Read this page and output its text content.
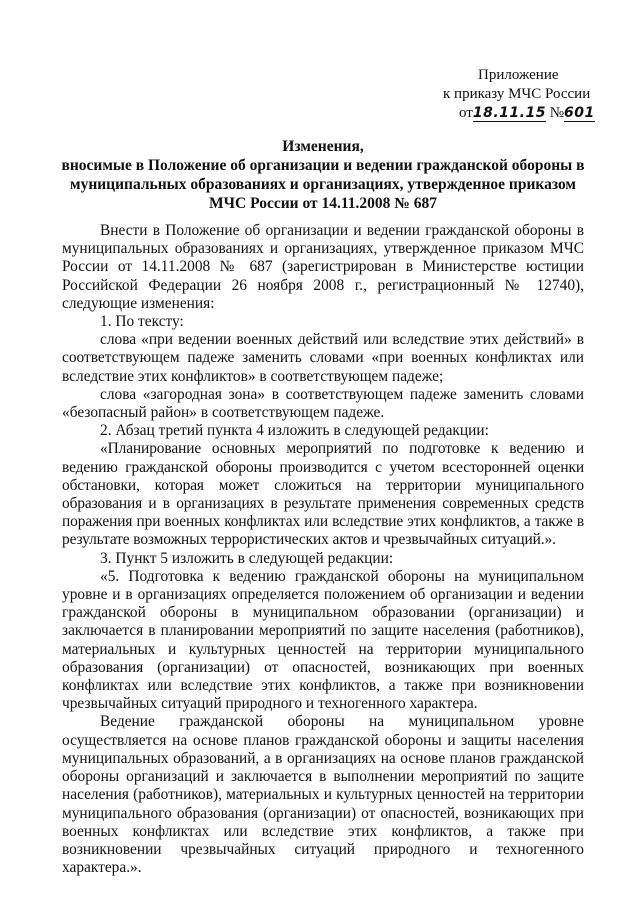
Приложение
к приказу МЧС России
от18.11.15 №601
Изменения,
вносимые в Положение об организации и ведении гражданской обороны в муниципальных образованиях и организациях, утвержденное приказом МЧС России от 14.11.2008 № 687

Внести в Положение об организации и ведении гражданской обороны в муниципальных образованиях и организациях, утвержденное приказом МЧС России от 14.11.2008 № 687 (зарегистрирован в Министерстве юстиции Российской Федерации 26 ноября 2008 г., регистрационный № 12740), следующие изменения:

1. По тексту:

слова «при ведении военных действий или вследствие этих действий» в соответствующем падеже заменить словами «при военных конфликтах или вследствие этих конфликтов» в соответствующем падеже;

слова «загородная зона» в соответствующем падеже заменить словами «безопасный район» в соответствующем падеже.

2. Абзац третий пункта 4 изложить в следующей редакции:

«Планирование основных мероприятий по подготовке к ведению и ведению гражданской обороны производится с учетом всесторонней оценки обстановки, которая может сложиться на территории муниципального образования и в организациях в результате применения современных средств поражения при военных конфликтах или вследствие этих конфликтов, а также в результате возможных террористических актов и чрезвычайных ситуаций.».

3. Пункт 5 изложить в следующей редакции:

«5. Подготовка к ведению гражданской обороны на муниципальном уровне и в организациях определяется положением об организации и ведении гражданской обороны в муниципальном образовании (организации) и заключается в планировании мероприятий по защите населения (работников), материальных и культурных ценностей на территории муниципального образования (организации) от опасностей, возникающих при военных конфликтах или вследствие этих конфликтов, а также при возникновении чрезвычайных ситуаций природного и техногенного характера.

Ведение гражданской обороны на муниципальном уровне осуществляется на основе планов гражданской обороны и защиты населения муниципальных образований, а в организациях на основе планов гражданской обороны организаций и заключается в выполнении мероприятий по защите населения (работников), материальных и культурных ценностей на территории муниципального образования (организации) от опасностей, возникающих при военных конфликтах или вследствие этих конфликтов, а также при возникновении чрезвычайных ситуаций природного и техногенного характера.».
